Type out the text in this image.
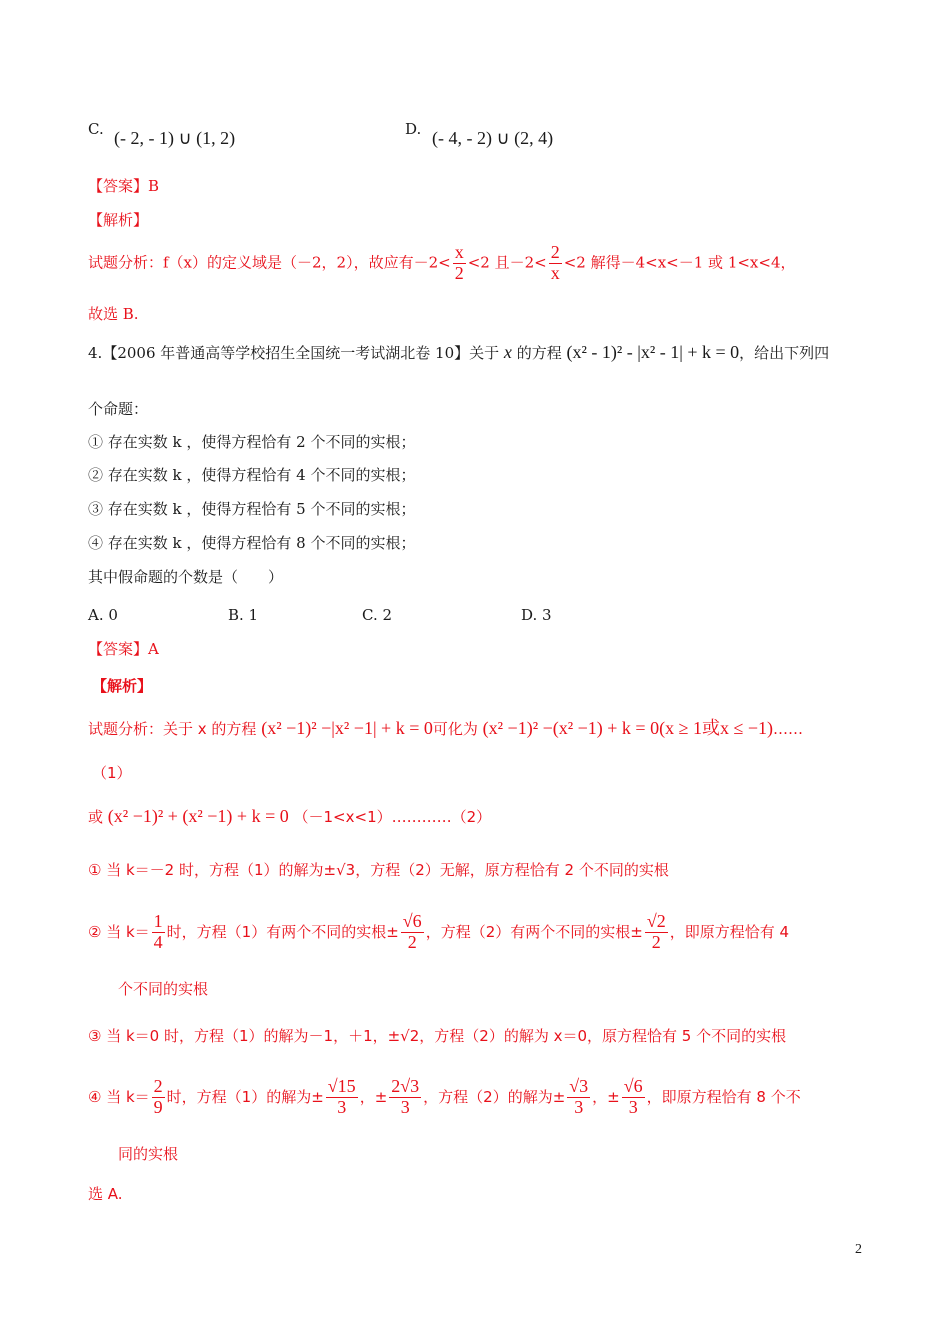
C. (- 2, - 1) ∪ (1, 2)	D. (- 4, - 2) ∪ (2, 4)
【答案】B
【解析】
试题分析：f（x）的定义域是（－2，2），故应有$-2< \frac{x}{2} <2$ 且$-2< \frac{2}{x} <2$ 解得－4<x<－1 或 1<x<4，
故选 B.
4.【2006 年普通高等学校招生全国统一考试湖北卷 10】关于 x 的方程 (x² - 1)² - |x² - 1| + k = 0，给出下列四
个命题：
① 存在实数 k ，使得方程恰有 2 个不同的实根；
② 存在实数 k ，使得方程恰有 4 个不同的实根；
③ 存在实数 k ，使得方程恰有 5 个不同的实根；
④ 存在实数 k ，使得方程恰有 8 个不同的实根；
其中假命题的个数是（　　）
A. 0	B. 1	C. 2	D. 3
【答案】A
【解析】
试题分析：关于 x 的方程 (x² −1)² −|x² −1| + k = 0可化为 (x² −1)² −(x² −1) + k = 0(x ≥ 1或x ≤ −1)……
（1）
或 (x² −1)² + (x² −1) + k = 0 （－1<x<1）…………（2）
① 当 k＝－2 时，方程（1）的解为±√3，方程（2）无解，原方程恰有 2 个不同的实根
② 当 $k= \frac{1}{4}$ 时，方程（1）有两个不同的实根± $\frac{√6}{2}$ ，方程（2）有两个不同的实根± $\frac{√2}{2}$ ，即原方程恰有 4
个不同的实根
③ 当 k＝0 时，方程（1）的解为－1，＋1，±√2，方程（2）的解为 x＝0，原方程恰有 5 个不同的实根
④ 当 $k= \frac{2}{9}$ 时，方程（1）的解为± $\frac{√15}{3}$ ，± $\frac{2√3}{3}$ ，方程（2）的解为± $\frac{√3}{3}$ ，± $\frac{√6}{3}$ ，即原方程恰有 8 个不
同的实根
选 A.
2
